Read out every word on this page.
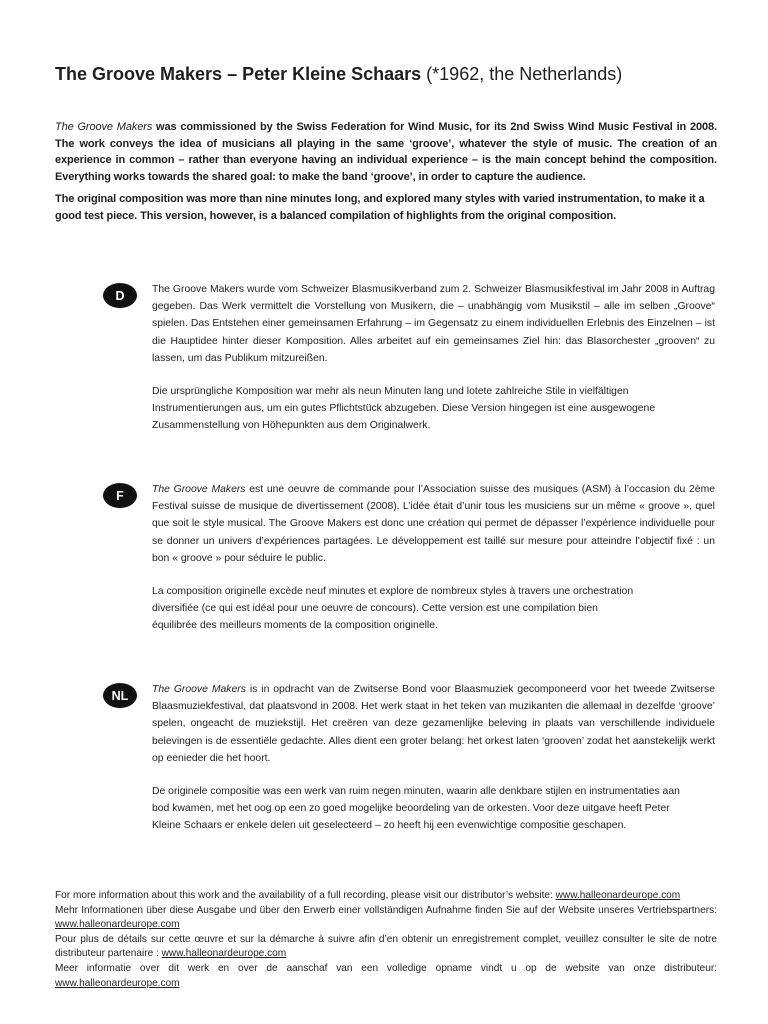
The Groove Makers – Peter Kleine Schaars (*1962, the Netherlands)

The Groove Makers was commissioned by the Swiss Federation for Wind Music, for its 2nd Swiss Wind Music Festival in 2008. The work conveys the idea of musicians all playing in the same ‘groove’, whatever the style of music. The creation of an experience in common – rather than everyone having an individual experience – is the main concept behind the composition. Everything works towards the shared goal: to make the band ‘groove’, in order to capture the audience.

The original composition was more than nine minutes long, and explored many styles with varied instrumentation, to make it a good test piece. This version, however, is a balanced compilation of highlights from the original composition.

D	The Groove Makers wurde vom Schweizer Blasmusikverband zum 2. Schweizer Blasmusikfestival im Jahr 2008 in Auftrag gegeben. Das Werk vermittelt die Vorstellung von Musikern, die – unabhängig vom Musikstil – alle im selben „Groove“ spielen. Das Entstehen einer gemeinsamen Erfahrung – im Gegensatz zu einem individuellen Erlebnis des Einzelnen – ist die Hauptidee hinter dieser Komposition. Alles arbeitet auf ein gemeinsames Ziel hin: das Blasorchester „grooven“ zu lassen, um das Publikum mitzureißen.

Die ursprüngliche Komposition war mehr als neun Minuten lang und lotete zahlreiche Stile in vielfältigen Instrumentierungen aus, um ein gutes Pflichtstück abzugeben. Diese Version hingegen ist eine ausgewogene Zusammenstellung von Höhepunkten aus dem Originalwerk.

F	The Groove Makers est une oeuvre de commande pour l’Association suisse des musiques (ASM) à l’occasion du 2ème Festival suisse de musique de divertissement (2008). L’idée était d’unir tous les musiciens sur un même « groove », quel que soit le style musical. The Groove Makers est donc une création qui permet de dépasser l’expérience individuelle pour se donner un univers d’expériences partagées. Le développement est taillé sur mesure pour atteindre l’objectif fixé : un bon « groove » pour séduire le public.

La composition originelle excède neuf minutes et explore de nombreux styles à travers une orchestration diversifiée (ce qui est idéal pour une oeuvre de concours). Cette version est une compilation bien équilibrée des meilleurs moments de la composition originelle.

NL	The Groove Makers is in opdracht van de Zwitserse Bond voor Blaasmuziek gecomponeerd voor het tweede Zwitserse Blaasmuziekfestival, dat plaatsvond in 2008. Het werk staat in het teken van muzikanten die allemaal in dezelfde ‘groove’ spelen, ongeacht de muziekstijl. Het creëren van deze gezamenlijke beleving in plaats van verschillende individuele belevingen is de essentiële gedachte. Alles dient een groter belang: het orkest laten ‘grooven’ zodat het aanstekelijk werkt op eenieder die het hoort.

De originele compositie was een werk van ruim negen minuten, waarin alle denkbare stijlen en instrumentaties aan bod kwamen, met het oog op een zo goed mogelijke beoordeling van de orkesten. Voor deze uitgave heeft Peter Kleine Schaars er enkele delen uit geselecteerd – zo heeft hij een evenwichtige compositie geschapen.

For more information about this work and the availability of a full recording, please visit our distributor’s website: www.halleonardeurope.com

Mehr Informationen über diese Ausgabe und über den Erwerb einer vollständigen Aufnahme finden Sie auf der Website unseres Vertriebspartners: www.halleonardeurope.com

Pour plus de détails sur cette œuvre et sur la démarche à suivre afin d’en obtenir un enregistrement complet, veuillez consulter le site de notre distributeur partenaire : www.halleonardeurope.com

Meer informatie over dit werk en over de aanschaf van een volledige opname vindt u op de website van onze distributeur: www.halleonardeurope.com
